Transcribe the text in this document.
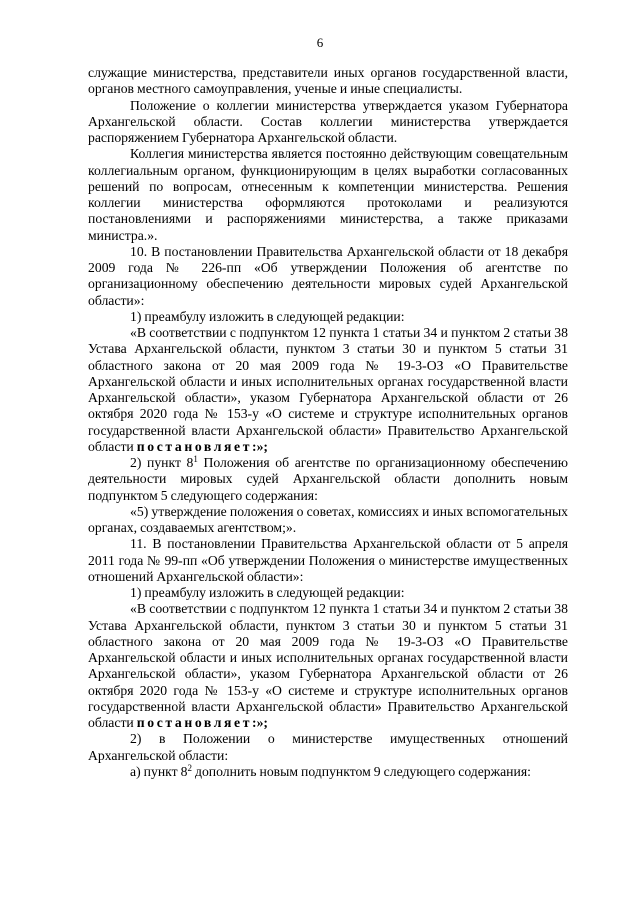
6

служащие министерства, представители иных органов государственной власти, органов местного самоуправления, ученые и иные специалисты.

Положение о коллегии министерства утверждается указом Губернатора Архангельской области. Состав коллегии министерства утверждается распоряжением Губернатора Архангельской области.

Коллегия министерства является постоянно действующим совещательным коллегиальным органом, функционирующим в целях выработки согласованных решений по вопросам, отнесенным к компетенции министерства. Решения коллегии министерства оформляются протоколами и реализуются постановлениями и распоряжениями министерства, а также приказами министра.».

10. В постановлении Правительства Архангельской области от 18 декабря 2009 года № 226-пп «Об утверждении Положения об агентстве по организационному обеспечению деятельности мировых судей Архангельской области»:

1) преамбулу изложить в следующей редакции:

«В соответствии с подпунктом 12 пункта 1 статьи 34 и пунктом 2 статьи 38 Устава Архангельской области, пунктом 3 статьи 30 и пунктом 5 статьи 31 областного закона от 20 мая 2009 года № 19-3-ОЗ «О Правительстве Архангельской области и иных исполнительных органах государственной власти Архангельской области», указом Губернатора Архангельской области от 26 октября 2020 года № 153-у «О системе и структуре исполнительных органов государственной власти Архангельской области» Правительство Архангельской области постановляет:»;

2) пункт $8^1$ Положения об агентстве по организационному обеспечению деятельности мировых судей Архангельской области дополнить новым подпунктом 5 следующего содержания:

«5) утверждение положения о советах, комиссиях и иных вспомогательных органах, создаваемых агентством;».

11. В постановлении Правительства Архангельской области от 5 апреля 2011 года № 99-пп «Об утверждении Положения о министерстве имущественных отношений Архангельской области»:

1) преамбулу изложить в следующей редакции:

«В соответствии с подпунктом 12 пункта 1 статьи 34 и пунктом 2 статьи 38 Устава Архангельской области, пунктом 3 статьи 30 и пунктом 5 статьи 31 областного закона от 20 мая 2009 года № 19-3-ОЗ «О Правительстве Архангельской области и иных исполнительных органах государственной власти Архангельской области», указом Губернатора Архангельской области от 26 октября 2020 года № 153-у «О системе и структуре исполнительных органов государственной власти Архангельской области» Правительство Архангельской области постановляет:»;

2) в Положении о министерстве имущественных отношений Архангельской области:

а) пункт $8^2$ дополнить новым подпунктом 9 следующего содержания:
